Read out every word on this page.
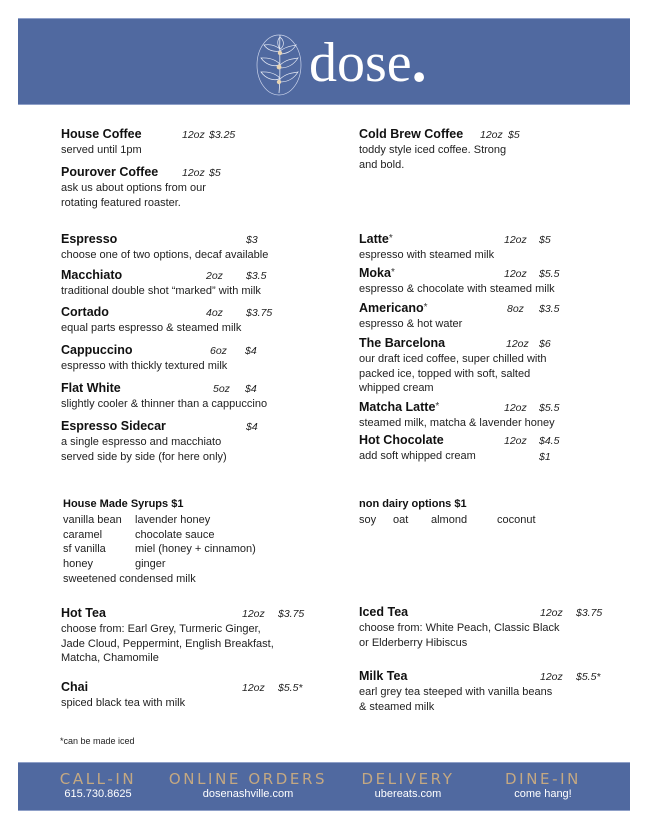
dose.
House Coffee	12oz $3.25
served until 1pm
Pourover Coffee 12oz $5
ask us about options from our
rotating featured roaster.
Cold Brew Coffee 12oz $5
toddy style iced coffee. Strong
and bold.
Espresso	$3
choose one of two options, decaf available
Macchiato	2oz $3.5
traditional double shot “marked” with milk
Cortado	4oz $3.75
equal parts espresso & steamed milk
Cappuccino	6oz $4
espresso with thickly textured milk
Flat White	5oz $4
slightly cooler & thinner than a cappuccino
Espresso Sidecar	$4
a single espresso and macchiato
served side by side (for here only)
Latte*	12oz $5
espresso with steamed milk
Moka*	12oz $5.5
espresso & chocolate with steamed milk
Americano*	8oz $3.5
espresso & hot water
The Barcelona	12oz $6
our draft iced coffee, super chilled with
packed ice, topped with soft, salted
whipped cream
Matcha Latte*	12oz $5.5
steamed milk, matcha & lavender honey
Hot Chocolate	12oz $4.5
add soft whipped cream	$1
House Made Syrups $1
vanilla bean	lavender honey
caramel	chocolate sauce
sf vanilla	miel (honey + cinnamon)
honey	ginger
sweetened condensed milk
non dairy options $1
soy oat almond	coconut
Hot Tea	12oz $3.75
choose from: Earl Grey, Turmeric Ginger,
Jade Cloud, Peppermint, English Breakfast,
Matcha, Chamomile
Chai	12oz $5.5*
spiced black tea with milk
Iced Tea	12oz $3.75
choose from: White Peach, Classic Black
or Elderberry Hibiscus
Milk Tea	12oz $5.5*
earl grey tea steeped with vanilla beans
& steamed milk
*can be made iced
CALL-IN
615.730.8625
ONLINE ORDERS
dosenashville.com
DELIVERY
ubereats.com
DINE-IN
come hang!
